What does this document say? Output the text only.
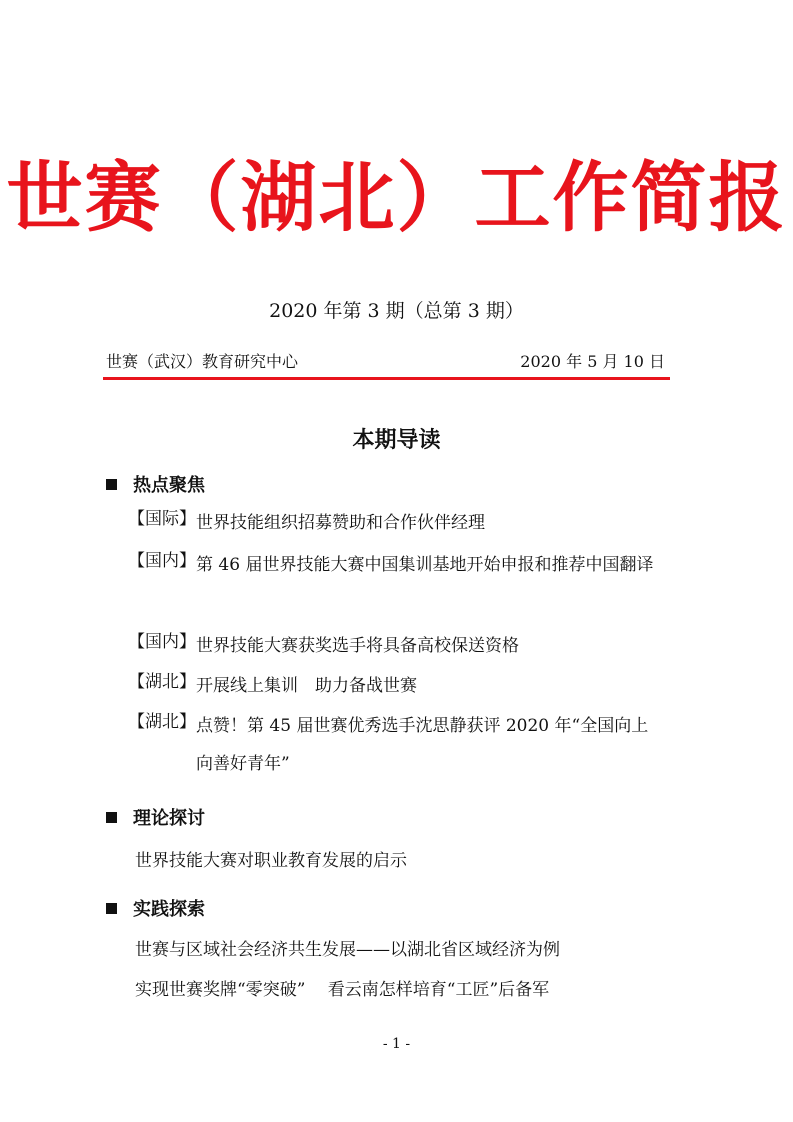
世赛（湖北）工作简报
2020 年第 3 期（总第 3 期）
世赛（武汉）教育研究中心	2020 年 5 月 10 日
本期导读
热点聚焦
【国际】 世界技能组织招募赞助和合作伙伴经理
【国内】 第 46 届世界技能大赛中国集训基地开始申报和推荐中国翻译
【国内】 世界技能大赛获奖选手将具备高校保送资格
【湖北】 开展线上集训　助力备战世赛
【湖北】 点赞！第 45 届世赛优秀选手沈思静获评 2020 年“全国向上向善好青年”
理论探讨
世界技能大赛对职业教育发展的启示
实践探索
世赛与区域社会经济共生发展——以湖北省区域经济为例
实现世赛奖牌“零突破”　 看云南怎样培育“工匠”后备军
- 1 -
